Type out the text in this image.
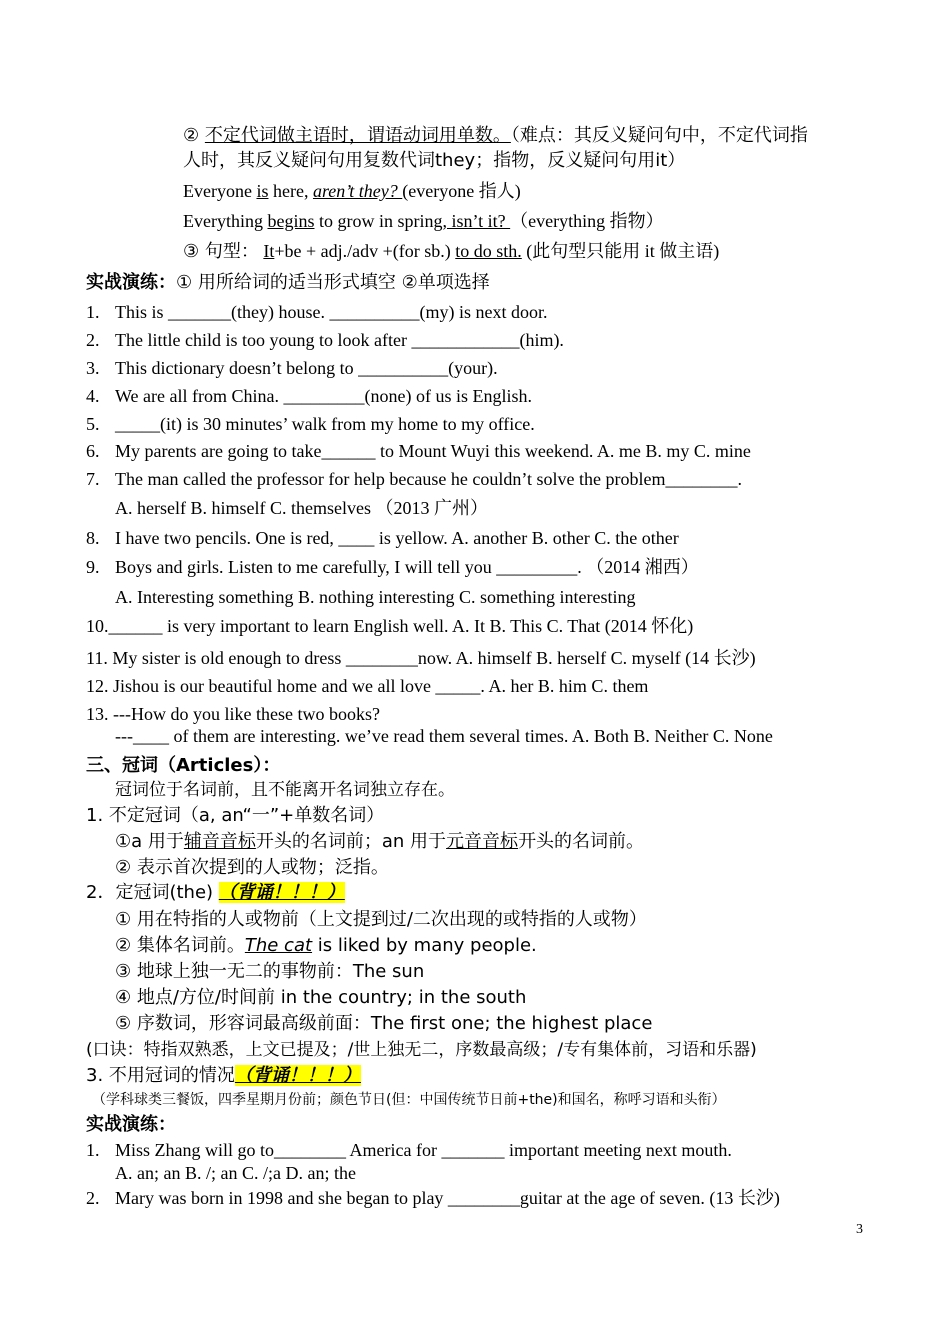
② 不定代词做主语时，谓语动词用单数。（难点：其反义疑问句中，不定代词指
人时，其反义疑问句用复数代词they；指物，反义疑问句用it）
Everyone is here, aren’t they? (everyone 指人)
Everything begins to grow in spring, isn’t it? （everything 指物）
③ 句型： It+be + adj./adv +(for sb.) to do sth. (此句型只能用 it 做主语)
实战演练：① 用所给词的适当形式填空 ②单项选择
1. This is _______(they) house. __________(my) is next door.
2. The little child is too young to look after ____________(him).
3. This dictionary doesn’t belong to __________(your).
4. We are all from China. _________(none) of us is English.
5. _____(it) is 30 minutes’ walk from my home to my office.
6. My parents are going to take______ to Mount Wuyi this weekend. A. me B. my C. mine
7. The man called the professor for help because he couldn’t solve the problem________.
A. herself B. himself C. themselves （2013 广州）
8. I have two pencils. One is red, ____ is yellow. A. another B. other C. the other
9. Boys and girls. Listen to me carefully, I will tell you _________. （2014 湘西）
A. Interesting something B. nothing interesting C. something interesting
10.______ is very important to learn English well. A. It B. This C. That (2014 怀化)
11. My sister is old enough to dress ________now. A. himself B. herself C. myself (14 长沙)
12. Jishou is our beautiful home and we all love _____. A. her B. him C. them
13. ---How do you like these two books?
---____ of them are interesting. we’ve read them several times. A. Both B. Neither C. None
三、冠词（Articles）：
冠词位于名词前，且不能离开名词独立存在。
1. 不定冠词（a, an“一”+单数名词）
①a 用于辅音音标开头的名词前；an 用于元音音标开头的名词前。
② 表示首次提到的人或物；泛指。
2．定冠词(the) （背诵！！！）
① 用在特指的人或物前（上文提到过/二次出现的或特指的人或物）
② 集体名词前。The cat is liked by many people.
③ 地球上独一无二的事物前：The sun
④ 地点/方位/时间前 in the country; in the south
⑤ 序数词，形容词最高级前面：The first one; the highest place
(口诀：特指双熟悉，上文已提及；/世上独无二，序数最高级；/专有集体前，习语和乐器)
3. 不用冠词的情况（背诵！！！）
（学科球类三餐饭，四季星期月份前；颜色节日(但：中国传统节日前+the)和国名，称呼习语和头衔）
实战演练：
1. Miss Zhang will go to________ America for _______ important meeting next mouth.
A. an; an B. /; an C. /;a D. an; the
2. Mary was born in 1998 and she began to play ________guitar at the age of seven. (13 长沙)
3
